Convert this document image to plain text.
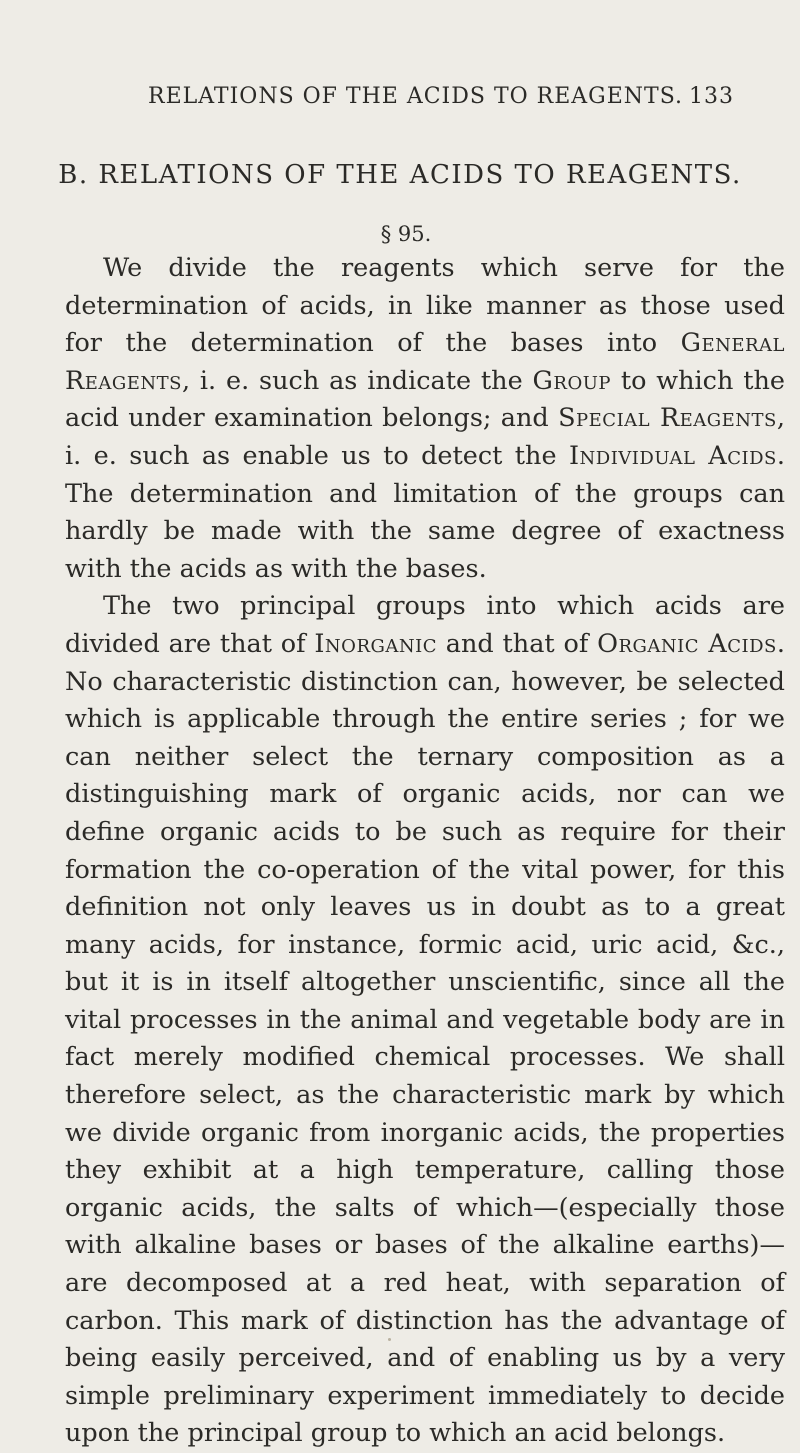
RELATIONS OF THE ACIDS TO REAGENTS. 133
B. RELATIONS OF THE ACIDS TO REAGENTS.
§ 95.

We divide the reagents which serve for the determination of acids, in like manner as those used for the determination of the bases into General Reagents, i. e. such as indicate the Group to which the acid under examination belongs; and Special Reagents, i. e. such as enable us to detect the Individual Acids. The determination and limitation of the groups can hardly be made with the same degree of exactness with the acids as with the bases.

The two principal groups into which acids are divided are that of Inorganic and that of Organic Acids. No characteristic distinction can, however, be selected which is applicable through the entire series ; for we can neither select the ternary composition as a distinguishing mark of organic acids, nor can we define organic acids to be such as require for their formation the co-operation of the vital power, for this definition not only leaves us in doubt as to a great many acids, for instance, formic acid, uric acid, &c., but it is in itself altogether unscientific, since all the vital processes in the animal and vegetable body are in fact merely modified chemical processes. We shall therefore select, as the characteristic mark by which we divide organic from inorganic acids, the properties they exhibit at a high temperature, calling those organic acids, the salts of which—(especially those with alkaline bases or bases of the alkaline earths)—are decomposed at a red heat, with separation of carbon. This mark of distinction has the advantage of being easily perceived, and of enabling us by a very simple preliminary experiment immediately to decide upon the principal group to which an acid belongs.
